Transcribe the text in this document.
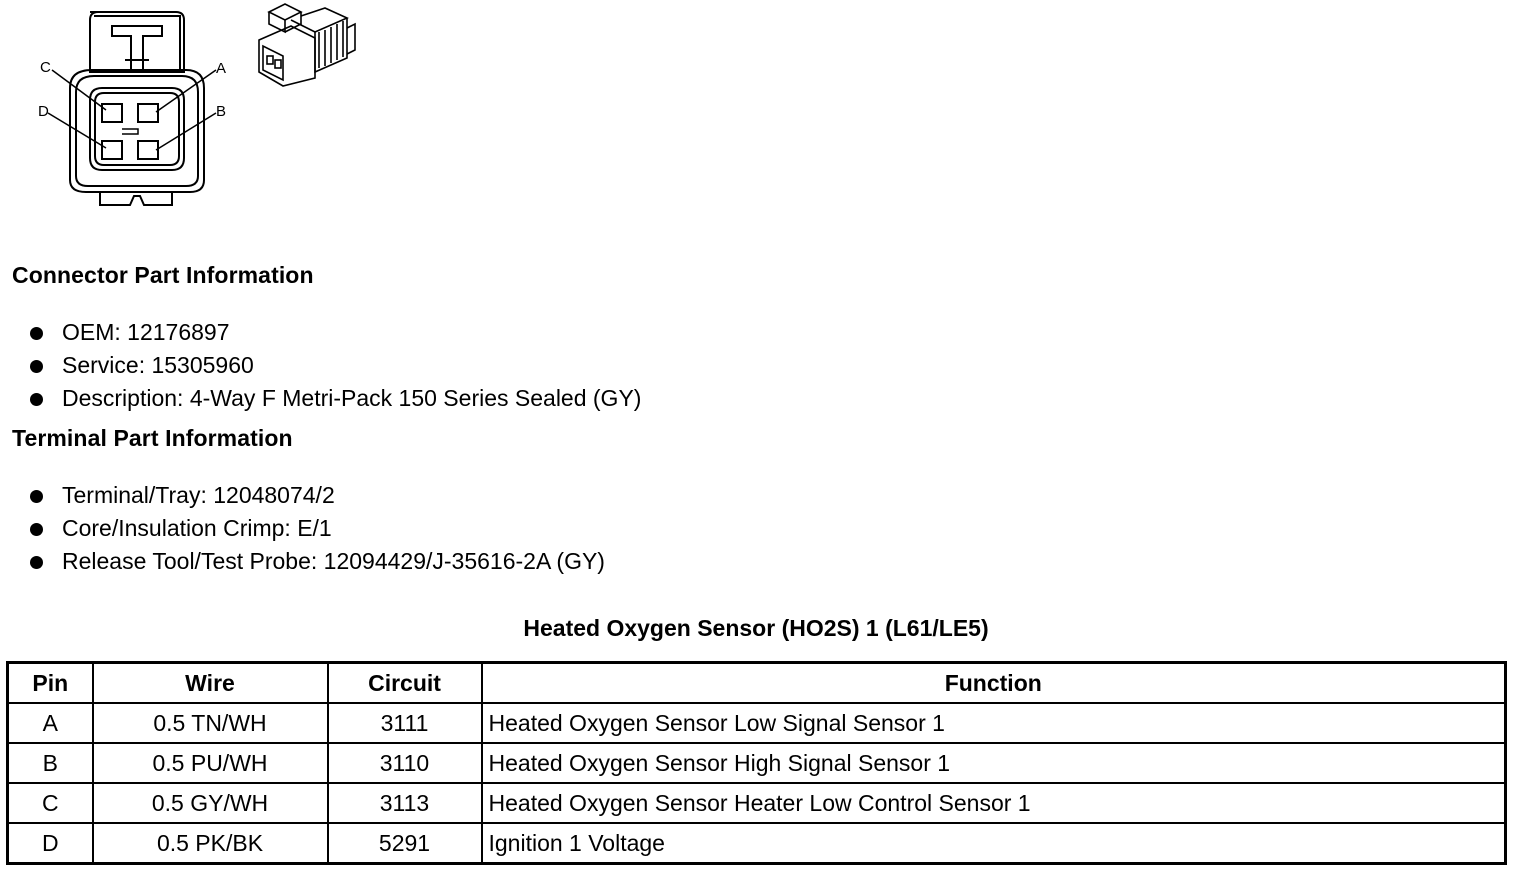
C	A
D	B
Connector Part Information
OEM: 12176897
Service: 15305960
Description: 4-Way F Metri-Pack 150 Series Sealed (GY)
Terminal Part Information
Terminal/Tray: 12048074/2
Core/Insulation Crimp: E/1
Release Tool/Test Probe: 12094429/J-35616-2A (GY)
Heated Oxygen Sensor (HO2S) 1 (L61/LE5)
Pin	Wire	Circuit	Function
A	0.5 TN/WH	3111	Heated Oxygen Sensor Low Signal Sensor 1
B	0.5 PU/WH	3110	Heated Oxygen Sensor High Signal Sensor 1
C	0.5 GY/WH	3113	Heated Oxygen Sensor Heater Low Control Sensor 1
D	0.5 PK/BK	5291	Ignition 1 Voltage
